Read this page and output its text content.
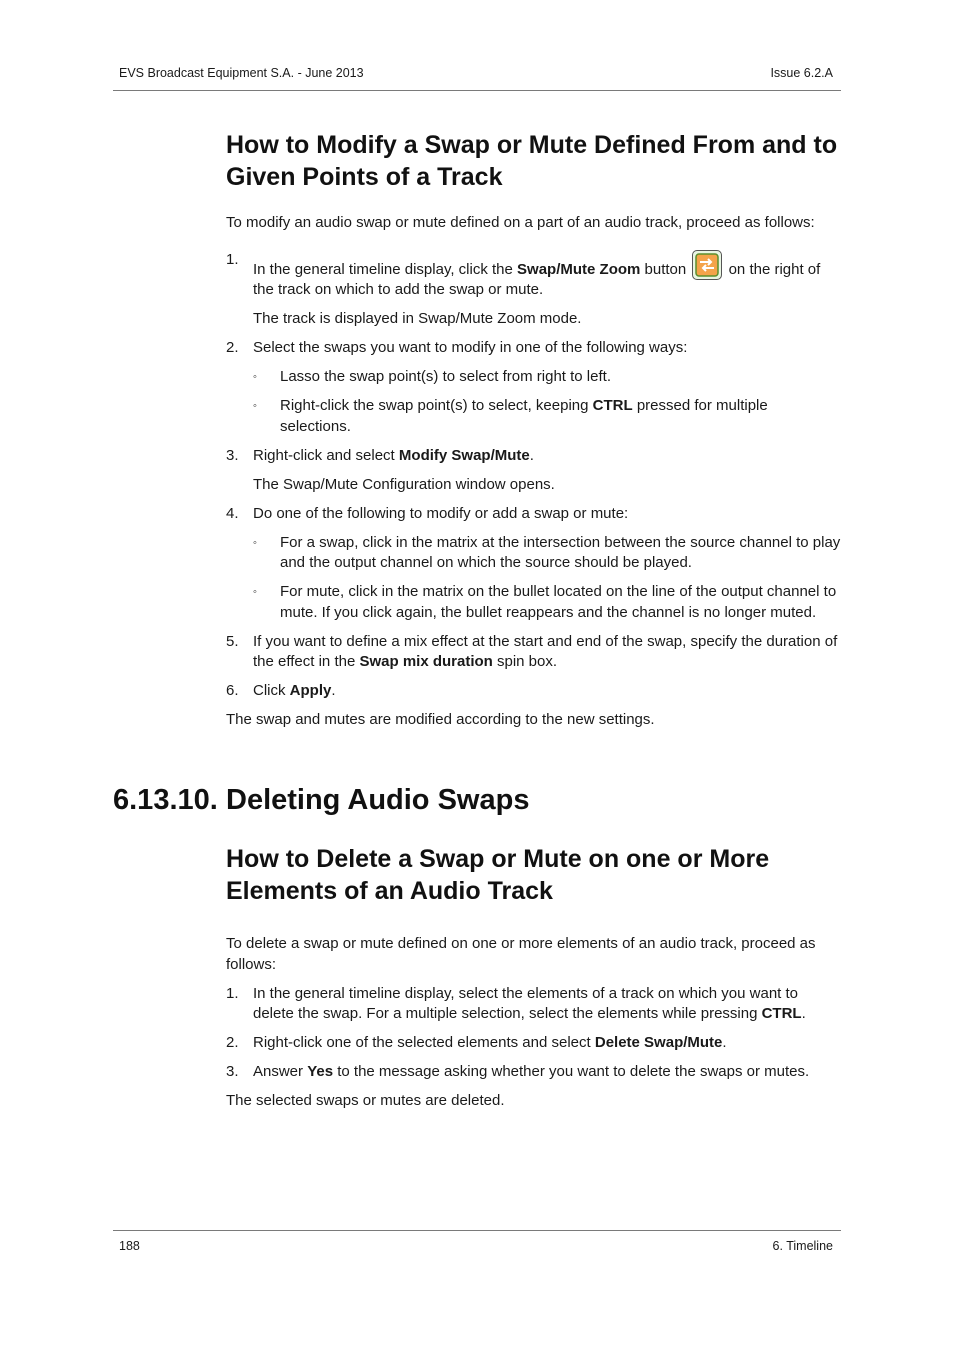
EVS Broadcast Equipment S.A. - June 2013	Issue 6.2.A
How to Modify a Swap or Mute Defined From and to Given Points of a Track

To modify an audio swap or mute defined on a part of an audio track, proceed as follows:

1.
In the general timeline display, click the Swap/Mute Zoom button	on the right of the track on which to add the swap or mute.

The track is displayed in Swap/Mute Zoom mode.

2. Select the swaps you want to modify in one of the following ways:
◦ Lasso the swap point(s) to select from right to left.
◦ Right-click the swap point(s) to select, keeping CTRL pressed for multiple selections.
3. Right-click and select Modify Swap/Mute.

The Swap/Mute Configuration window opens.

4. Do one of the following to modify or add a swap or mute:
◦ For a swap, click in the matrix at the intersection between the source channel to play and the output channel on which the source should be played.
◦ For mute, click in the matrix on the bullet located on the line of the output channel to mute. If you click again, the bullet reappears and the channel is no longer muted.
5. If you want to define a mix effect at the start and end of the swap, specify the duration of the effect in the Swap mix duration spin box.
6. Click Apply.

The swap and mutes are modified according to the new settings.

6.13.10. Deleting Audio Swaps
How to Delete a Swap or Mute on one or More Elements of an Audio Track

To delete a swap or mute defined on one or more elements of an audio track, proceed as follows:

1. In the general timeline display, select the elements of a track on which you want to delete the swap. For a multiple selection, select the elements while pressing CTRL.
2. Right-click one of the selected elements and select Delete Swap/Mute.
3. Answer Yes to the message asking whether you want to delete the swaps or mutes.

The selected swaps or mutes are deleted.

188	6. Timeline
